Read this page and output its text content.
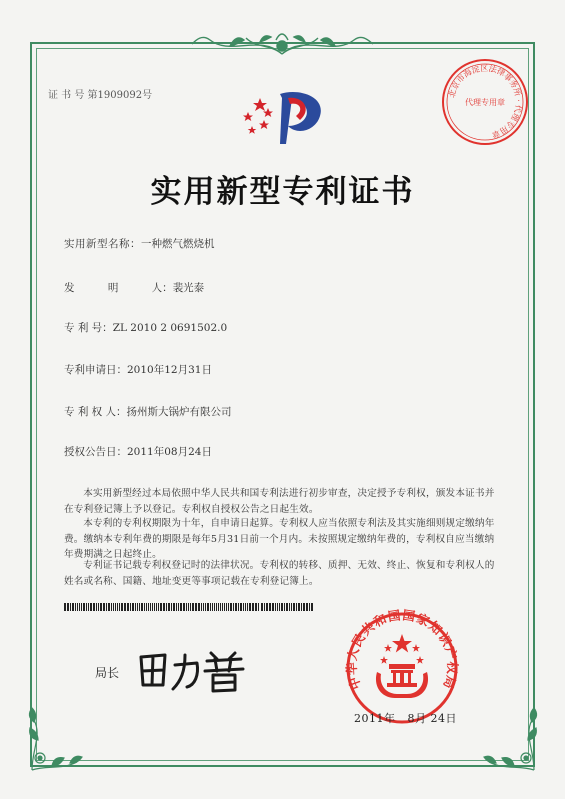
证 书 号 第1909092号	北京市海淀区法律事务所 · 代理专用章
代理专用章
实用新型专利证书
实用新型名称：一种燃气燃烧机
发 明 人：裴光泰
专 利 号：ZL 2010 2 0691502.0
专利申请日：2010年12月31日
专 利 权 人：扬州斯大锅炉有限公司
授权公告日：2011年08月24日

本实用新型经过本局依照中华人民共和国专利法进行初步审查，决定授予专利权，颁发本证书并在专利登记簿上予以登记。专利权自授权公告之日起生效。

本专利的专利权期限为十年，自申请日起算。专利权人应当依照专利法及其实施细则规定缴纳年费。缴纳本专利年费的期限是每年5月31日前一个月内。未按照规定缴纳年费的，专利权自应当缴纳年费期满之日起终止。

专利证书记载专利权登记时的法律状况。专利权的转移、质押、无效、终止、恢复和专利权人的姓名或名称、国籍、地址变更等事项记载在专利登记簿上。

局长
中华人民共和国国家知识产权局
2011年 8月 24日
